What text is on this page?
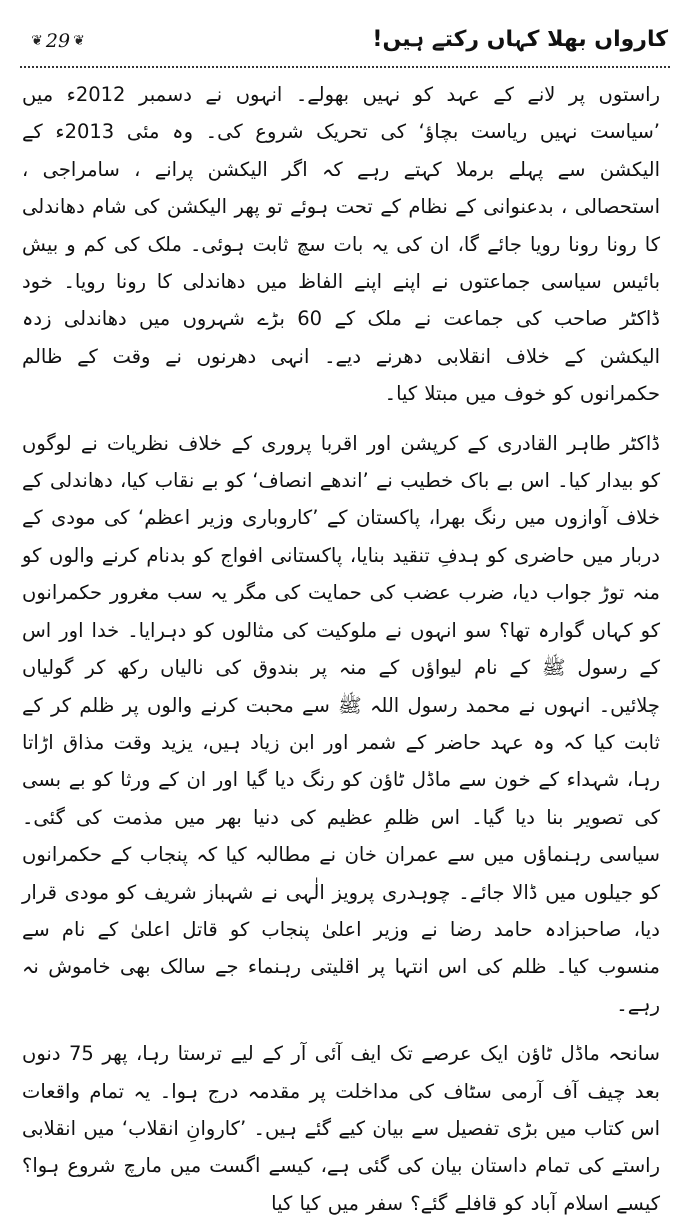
کارواں بھلا کہاں رکتے ہیں!
❦ 29 ❦

راستوں پر لانے کے عہد کو نہیں بھولے۔ انہوں نے دسمبر 2012ء میں ’سیاست نہیں ریاست بچاؤ‘ کی تحریک شروع کی۔ وہ مئی 2013ء کے الیکشن سے پہلے برملا کہتے رہے کہ اگر الیکشن پرانے ، سامراجی ، استحصالی ، بدعنوانی کے نظام کے تحت ہوئے تو پھر الیکشن کی شام دھاندلی کا رونا رونا رویا جائے گا، ان کی یہ بات سچ ثابت ہوئی۔ ملک کی کم و بیش بائیس سیاسی جماعتوں نے اپنے اپنے الفاظ میں دھاندلی کا رونا رویا۔ خود ڈاکٹر صاحب کی جماعت نے ملک کے 60 بڑے شہروں میں دھاندلی زدہ الیکشن کے خلاف انقلابی دھرنے دیے۔ انہی دھرنوں نے وقت کے ظالم حکمرانوں کو خوف میں مبتلا کیا۔

ڈاکٹر طاہر القادری کے کرپشن اور اقربا پروری کے خلاف نظریات نے لوگوں کو بیدار کیا۔ اس بے باک خطیب نے ’اندھے انصاف‘ کو بے نقاب کیا، دھاندلی کے خلاف آوازوں میں رنگ بھرا، پاکستان کے ’کاروباری وزیر اعظم‘ کی مودی کے دربار میں حاضری کو ہدفِ تنقید بنایا، پاکستانی افواج کو بدنام کرنے والوں کو منہ توڑ جواب دیا، ضرب عضب کی حمایت کی مگر یہ سب مغرور حکمرانوں کو کہاں گوارہ تھا؟ سو انہوں نے ملوکیت کی مثالوں کو دہرایا۔ خدا اور اس کے رسول ﷺ کے نام لیواؤں کے منہ پر بندوق کی نالیاں رکھ کر گولیاں چلائیں۔ انہوں نے محمد رسول اللہ ﷺ سے محبت کرنے والوں پر ظلم کر کے ثابت کیا کہ وہ عہد حاضر کے شمر اور ابن زیاد ہیں، یزید وقت مذاق اڑاتا رہا، شہداء کے خون سے ماڈل ٹاؤن کو رنگ دیا گیا اور ان کے ورثا کو بے بسی کی تصویر بنا دیا گیا۔ اس ظلمِ عظیم کی دنیا بھر میں مذمت کی گئی۔ سیاسی رہنماؤں میں سے عمران خان نے مطالبہ کیا کہ پنجاب کے حکمرانوں کو جیلوں میں ڈالا جائے۔ چوہدری پرویز الٰہی نے شہباز شریف کو مودی قرار دیا، صاحبزادہ حامد رضا نے وزیر اعلیٰ پنجاب کو قاتل اعلیٰ کے نام سے منسوب کیا۔ ظلم کی اس انتہا پر اقلیتی رہنماء جے سالک بھی خاموش نہ رہے۔

سانحہ ماڈل ٹاؤن ایک عرصے تک ایف آئی آر کے لیے ترستا رہا، پھر 75 دنوں بعد چیف آف آرمی سٹاف کی مداخلت پر مقدمہ درج ہوا۔ یہ تمام واقعات اس کتاب میں بڑی تفصیل سے بیان کیے گئے ہیں۔ ’کاروانِ انقلاب‘ میں انقلابی راستے کی تمام داستان بیان کی گئی ہے، کیسے اگست میں مارچ شروع ہوا؟ کیسے اسلام آباد کو قافلے گئے؟ سفر میں کیا کیا
